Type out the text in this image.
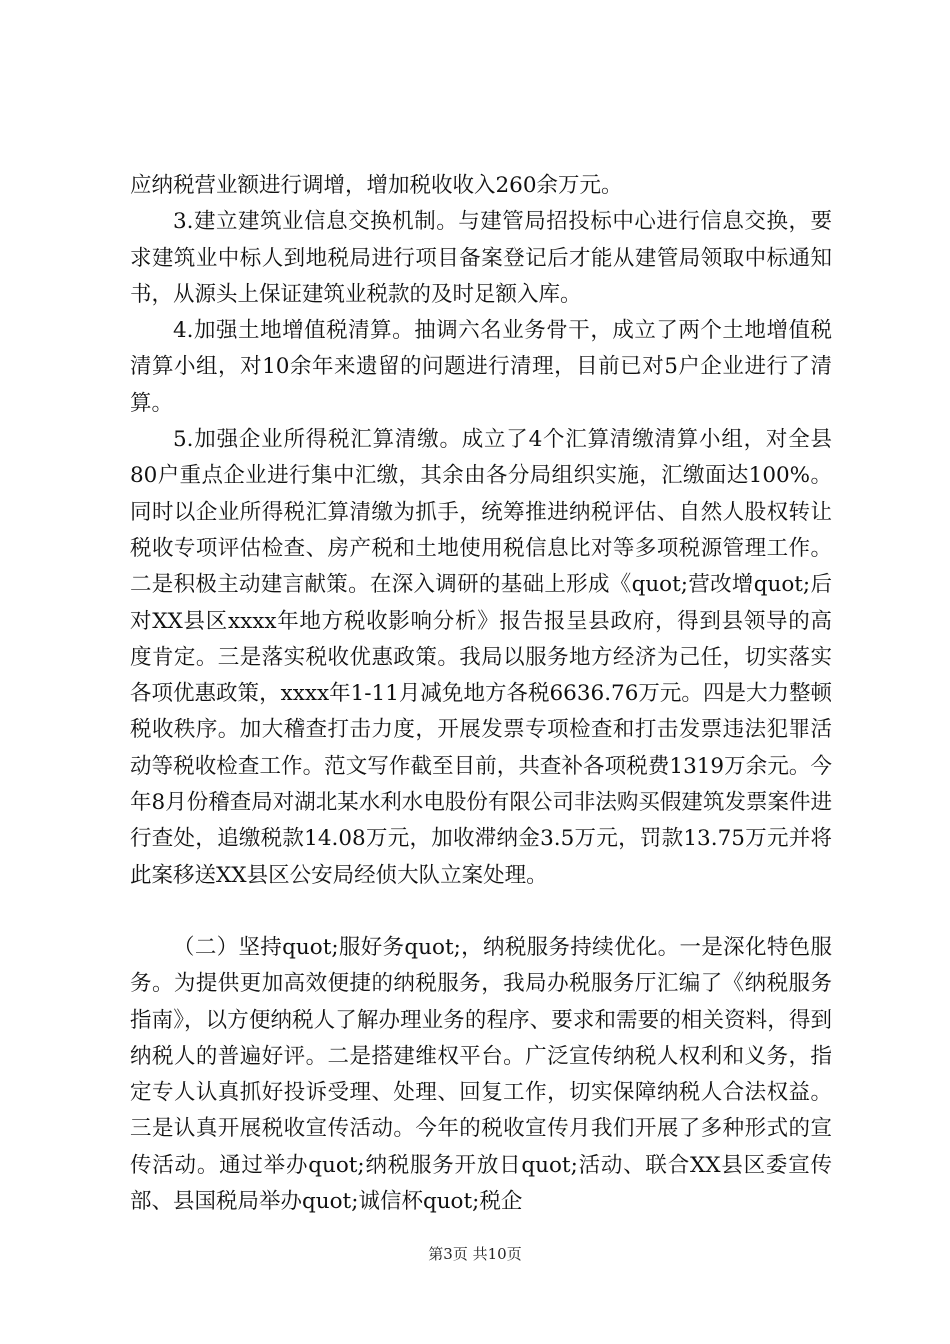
应纳税营业额进行调增，增加税收收入260余万元。

3.建立建筑业信息交换机制。与建管局招投标中心进行信息交换，要求建筑业中标人到地税局进行项目备案登记后才能从建管局领取中标通知书，从源头上保证建筑业税款的及时足额入库。

4.加强土地增值税清算。抽调六名业务骨干，成立了两个土地增值税清算小组，对10余年来遗留的问题进行清理，目前已对5户企业进行了清算。

5.加强企业所得税汇算清缴。成立了4个汇算清缴清算小组，对全县80户重点企业进行集中汇缴，其余由各分局组织实施，汇缴面达100%。同时以企业所得税汇算清缴为抓手，统筹推进纳税评估、自然人股权转让税收专项评估检查、房产税和土地使用税信息比对等多项税源管理工作。二是积极主动建言献策。在深入调研的基础上形成《quot;营改增quot;后对XX县区xxxx年地方税收影响分析》报告报呈县政府，得到县领导的高度肯定。三是落实税收优惠政策。我局以服务地方经济为己任，切实落实各项优惠政策，xxxx年1-11月减免地方各税6636.76万元。四是大力整顿税收秩序。加大稽查打击力度，开展发票专项检查和打击发票违法犯罪活动等税收检查工作。范文写作截至目前，共查补各项税费1319万余元。今年8月份稽查局对湖北某水利水电股份有限公司非法购买假建筑发票案件进行查处，追缴税款14.08万元，加收滞纳金3.5万元，罚款13.75万元并将此案移送XX县区公安局经侦大队立案处理。

（二）坚持quot;服好务quot;，纳税服务持续优化。一是深化特色服务。为提供更加高效便捷的纳税服务，我局办税服务厅汇编了《纳税服务指南》，以方便纳税人了解办理业务的程序、要求和需要的相关资料，得到纳税人的普遍好评。二是搭建维权平台。广泛宣传纳税人权利和义务，指定专人认真抓好投诉受理、处理、回复工作，切实保障纳税人合法权益。三是认真开展税收宣传活动。今年的税收宣传月我们开展了多种形式的宣传活动。通过举办quot;纳税服务开放日quot;活动、联合XX县区委宣传部、县国税局举办quot;诚信杯quot;税企

第3页 共10页
